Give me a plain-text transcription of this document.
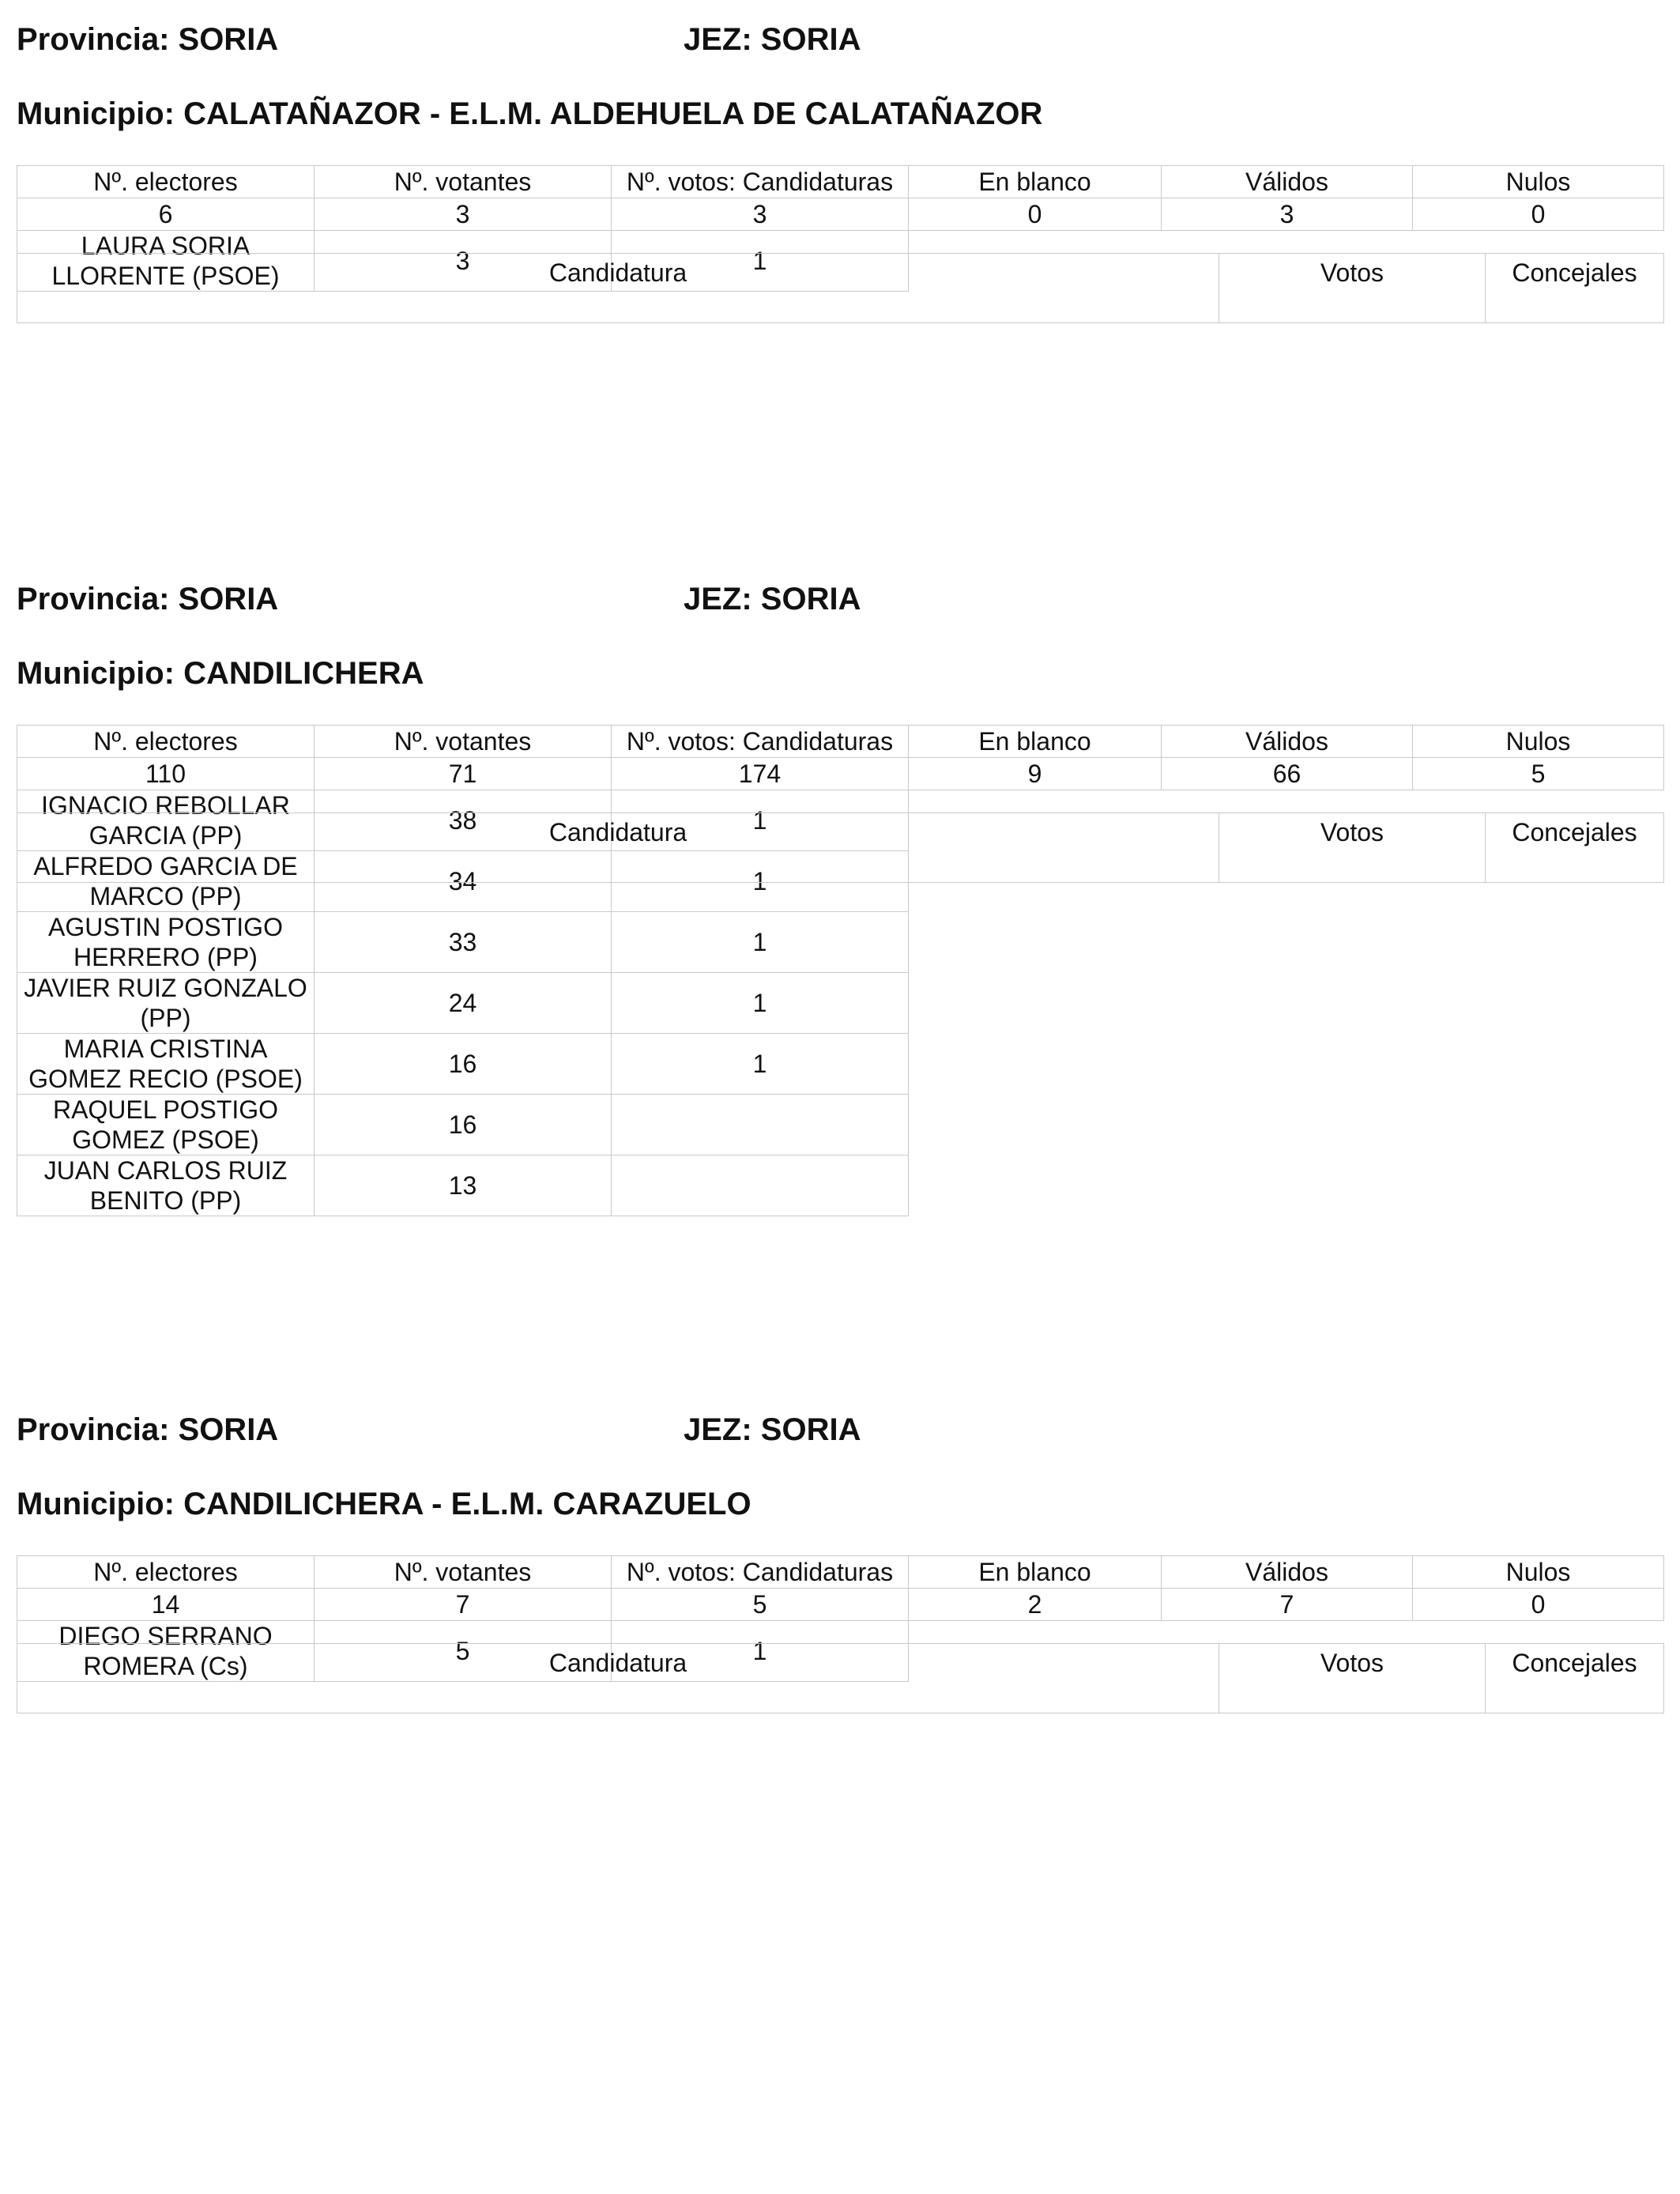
Provincia: SORIA	JEZ: SORIA
Municipio: CALATAÑAZOR - E.L.M. ALDEHUELA DE CALATAÑAZOR
Nº. electores	Nº. votantes	Nº. votos: Candidaturas	En blanco	Válidos	Nulos
6	3	3	0	3	0
LAURA SORIA LLORENTE (PSOE)	3	1			
Candidatura	Votos	Concejales
Provincia: SORIA	JEZ: SORIA
Municipio: CANDILICHERA
Nº. electores	Nº. votantes	Nº. votos: Candidaturas	En blanco	Válidos	Nulos
110	71	174	9	66	5
IGNACIO REBOLLAR GARCIA (PP)	38	1			
ALFREDO GARCIA DE MARCO (PP)	34	1			
AGUSTIN POSTIGO HERRERO (PP)	33	1			
JAVIER RUIZ GONZALO (PP)	24	1			
MARIA CRISTINA GOMEZ RECIO (PSOE)	16	1			
RAQUEL POSTIGO GOMEZ (PSOE)	16				
JUAN CARLOS RUIZ BENITO (PP)	13				
Candidatura	Votos	Concejales
Provincia: SORIA	JEZ: SORIA
Municipio: CANDILICHERA - E.L.M. CARAZUELO
Nº. electores	Nº. votantes	Nº. votos: Candidaturas	En blanco	Válidos	Nulos
14	7	5	2	7	0
DIEGO SERRANO ROMERA (Cs)	5	1			
Candidatura	Votos	Concejales
